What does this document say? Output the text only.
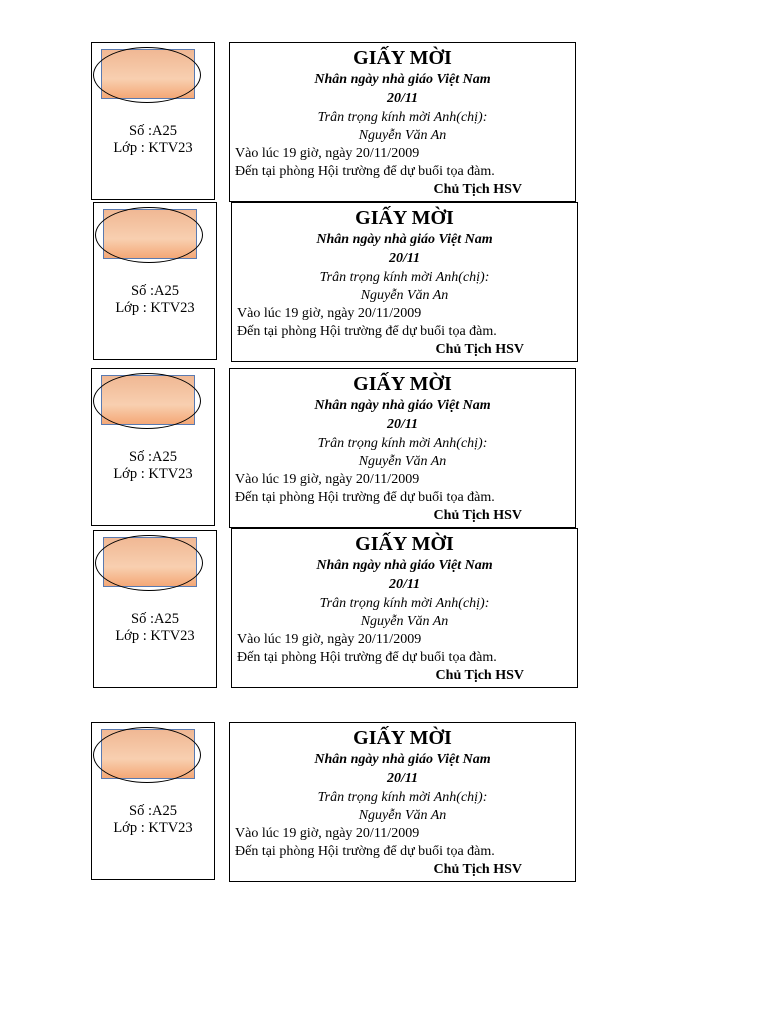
Số :A25
Lớp : KTV23
GIẤY MỜI
Nhân ngày nhà giáo Việt Nam
20/11
Trân trọng kính mời Anh(chị):
Nguyễn Văn An
Vào lúc 19 giờ, ngày 20/11/2009
Đến tại phòng Hội trường để dự buổi tọa đàm.
Chủ Tịch HSV
Số :A25
Lớp : KTV23
GIẤY MỜI
Nhân ngày nhà giáo Việt Nam
20/11
Trân trọng kính mời Anh(chị):
Nguyễn Văn An
Vào lúc 19 giờ, ngày 20/11/2009
Đến tại phòng Hội trường để dự buổi tọa đàm.
Chủ Tịch HSV
Số :A25
Lớp : KTV23
GIẤY MỜI
Nhân ngày nhà giáo Việt Nam
20/11
Trân trọng kính mời Anh(chị):
Nguyễn Văn An
Vào lúc 19 giờ, ngày 20/11/2009
Đến tại phòng Hội trường để dự buổi tọa đàm.
Chủ Tịch HSV
Số :A25
Lớp : KTV23
GIẤY MỜI
Nhân ngày nhà giáo Việt Nam
20/11
Trân trọng kính mời Anh(chị):
Nguyễn Văn An
Vào lúc 19 giờ, ngày 20/11/2009
Đến tại phòng Hội trường để dự buổi tọa đàm.
Chủ Tịch HSV
Số :A25
Lớp : KTV23
GIẤY MỜI
Nhân ngày nhà giáo Việt Nam
20/11
Trân trọng kính mời Anh(chị):
Nguyễn Văn An
Vào lúc 19 giờ, ngày 20/11/2009
Đến tại phòng Hội trường để dự buổi tọa đàm.
Chủ Tịch HSV
